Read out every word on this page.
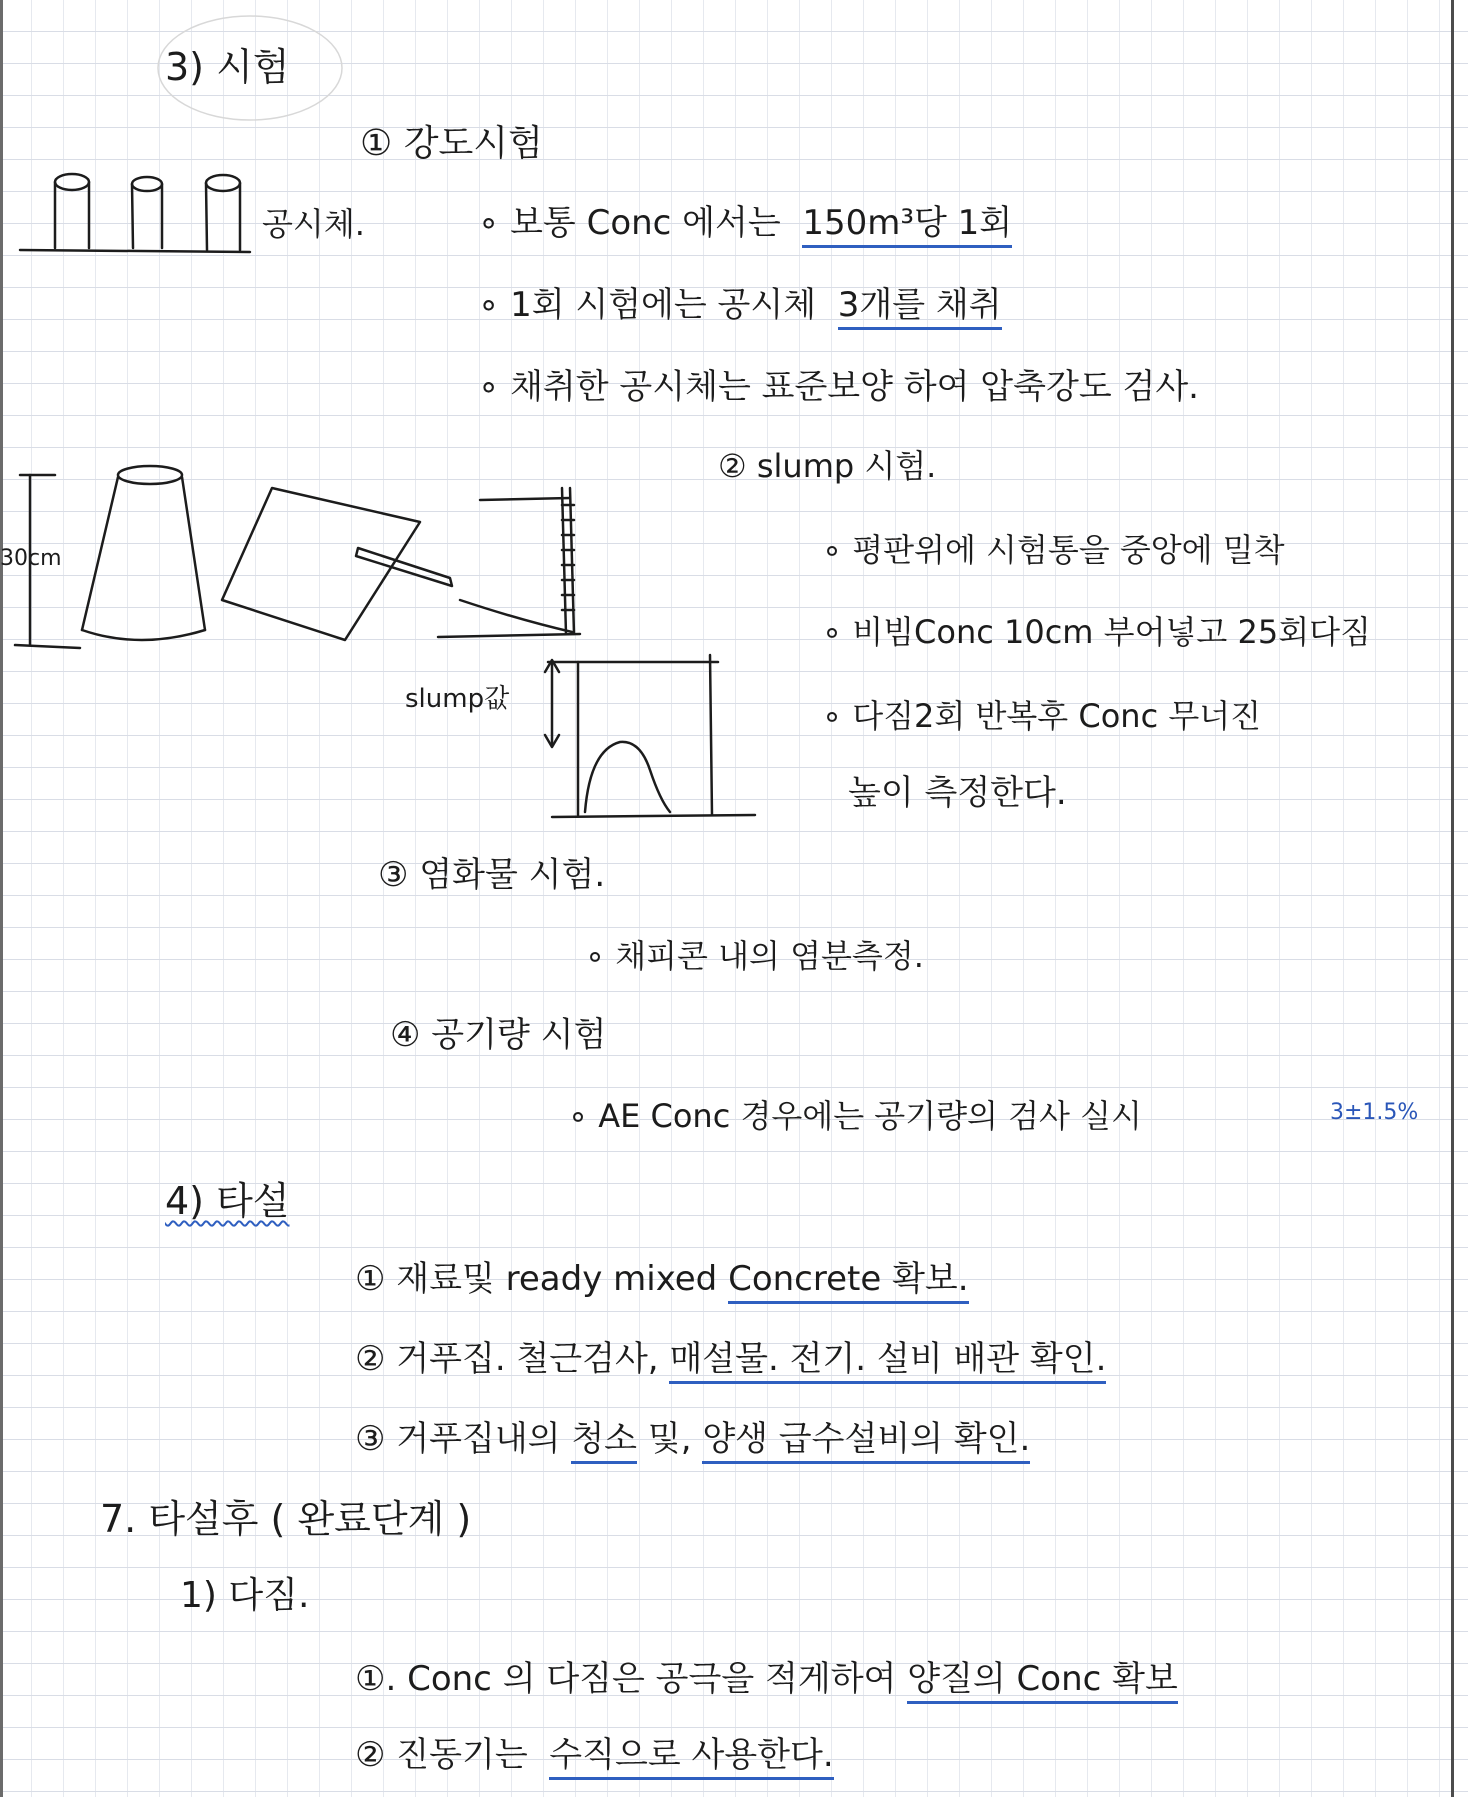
3) 시험
① 강도시험
공시체.	∘ 보통 Conc 에서는 150m³당 1회
∘ 1회 시험에는 공시체 3개를 채취
∘ 채취한 공시체는 표준보양 하여 압축강도 검사.
② slump 시험.
30cm
slump값
∘ 평판위에 시험통을 중앙에 밀착
∘ 비빔Conc 10cm 부어넣고 25회다짐
∘ 다짐2회 반복후 Conc 무너진
높이 측정한다.
③ 염화물 시험.
∘ 채피콘 내의 염분측정.
④ 공기량 시험
∘ AE Conc 경우에는 공기량의 검사 실시	3±1.5%
4) 타설
① 재료및 ready mixed Concrete 확보.
② 거푸집. 철근검사, 매설물. 전기. 설비 배관 확인.
③ 거푸집내의 청소 및, 양생 급수설비의 확인.
7. 타설후 ( 완료단계 )
1) 다짐.
①. Conc 의 다짐은 공극을 적게하여 양질의 Conc 확보
② 진동기는 수직으로 사용한다.
